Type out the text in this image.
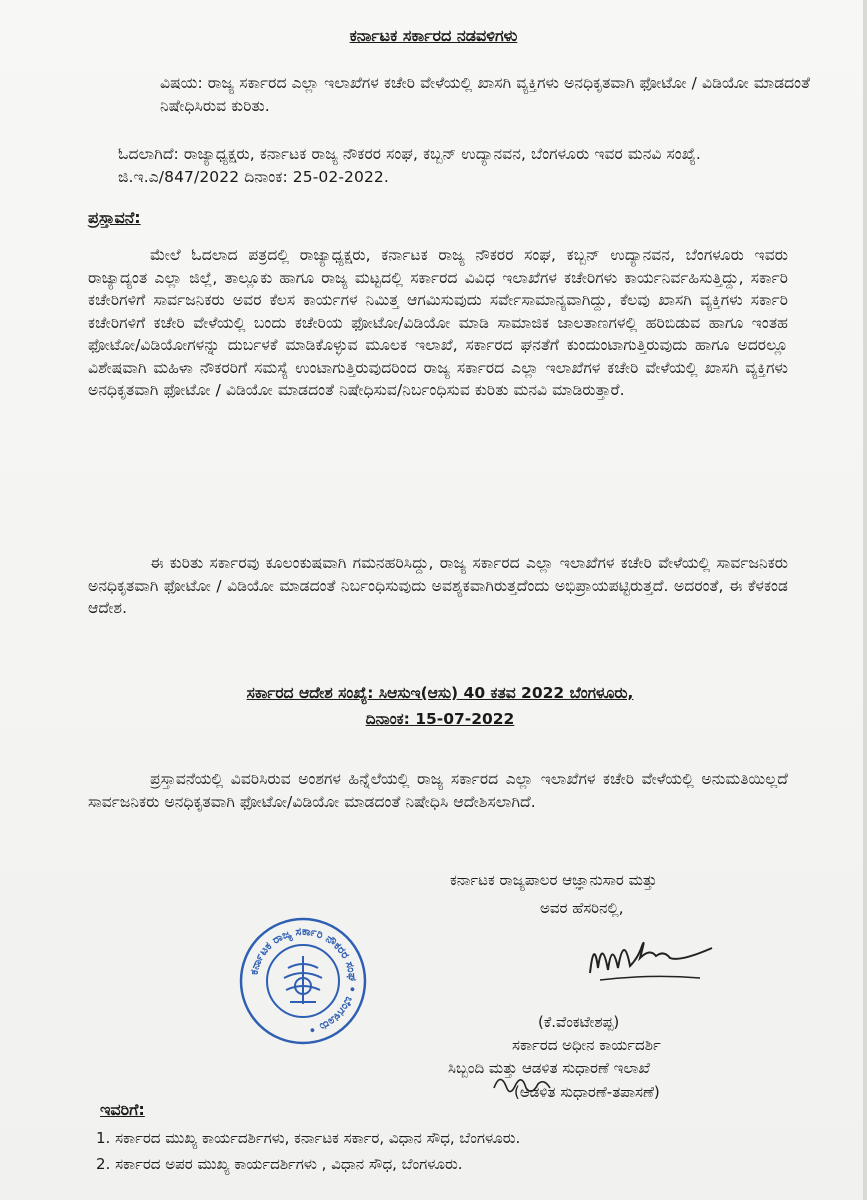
ಕರ್ನಾಟಕ ಸರ್ಕಾರದ ನಡವಳಿಗಳು
ವಿಷಯ: ರಾಜ್ಯ ಸರ್ಕಾರದ ಎಲ್ಲಾ ಇಲಾಖೆಗಳ ಕಚೇರಿ ವೇಳೆಯಲ್ಲಿ ಖಾಸಗಿ ವ್ಯಕ್ತಿಗಳು ಅನಧಿಕೃತವಾಗಿ ಫೋಟೋ / ವಿಡಿಯೋ ಮಾಡದಂತೆ ನಿಷೇಧಿಸಿರುವ ಕುರಿತು.
ಓದಲಾಗಿದೆ: ರಾಜ್ಯಾಧ್ಯಕ್ಷರು, ಕರ್ನಾಟಕ ರಾಜ್ಯ ನೌಕರರ ಸಂಘ, ಕಬ್ಬನ್ ಉದ್ಯಾನವನ, ಬೆಂಗಳೂರು ಇವರ ಮನವಿ ಸಂಖ್ಯೆ. ಜಿ.ಇ.ಎ/847/2022 ದಿನಾಂಕ: 25-02-2022.
ಪ್ರಸ್ತಾವನೆ:
ಮೇಲೆ ಓದಲಾದ ಪತ್ರದಲ್ಲಿ ರಾಜ್ಯಾಧ್ಯಕ್ಷರು, ಕರ್ನಾಟಕ ರಾಜ್ಯ ನೌಕರರ ಸಂಘ, ಕಬ್ಬನ್ ಉದ್ಯಾನವನ, ಬೆಂಗಳೂರು ಇವರು ರಾಜ್ಯಾದ್ಯಂತ ಎಲ್ಲಾ ಜಿಲ್ಲೆ, ತಾಲ್ಲೂಕು ಹಾಗೂ ರಾಜ್ಯ ಮಟ್ಟದಲ್ಲಿ ಸರ್ಕಾರದ ವಿವಿಧ ಇಲಾಖೆಗಳ ಕಚೇರಿಗಳು ಕಾರ್ಯನಿರ್ವಹಿಸುತ್ತಿದ್ದು, ಸರ್ಕಾರಿ ಕಚೇರಿಗಳಿಗೆ ಸಾರ್ವಜನಿಕರು ಅವರ ಕೆಲಸ ಕಾರ್ಯಗಳ ನಿಮಿತ್ತ ಆಗಮಿಸುವುದು ಸರ್ವೇಸಾಮಾನ್ಯವಾಗಿದ್ದು, ಕೆಲವು ಖಾಸಗಿ ವ್ಯಕ್ತಿಗಳು ಸರ್ಕಾರಿ ಕಚೇರಿಗಳಿಗೆ ಕಚೇರಿ ವೇಳೆಯಲ್ಲಿ ಬಂದು ಕಚೇರಿಯ ಫೋಟೋ/ವಿಡಿಯೋ ಮಾಡಿ ಸಾಮಾಜಿಕ ಜಾಲತಾಣಗಳಲ್ಲಿ ಹರಿಬಿಡುವ ಹಾಗೂ ಇಂತಹ ಫೋಟೋ/ವಿಡಿಯೋಗಳನ್ನು ದುರ್ಬಳಕೆ ಮಾಡಿಕೊಳ್ಳುವ ಮೂಲಕ ಇಲಾಖೆ, ಸರ್ಕಾರದ ಘನತೆಗೆ ಕುಂದುಂಟಾಗುತ್ತಿರುವುದು ಹಾಗೂ ಅದರಲ್ಲೂ ವಿಶೇಷವಾಗಿ ಮಹಿಳಾ ನೌಕರರಿಗೆ ಸಮಸ್ಯೆ ಉಂಟಾಗುತ್ತಿರುವುದರಿಂದ ರಾಜ್ಯ ಸರ್ಕಾರದ ಎಲ್ಲಾ ಇಲಾಖೆಗಳ ಕಚೇರಿ ವೇಳೆಯಲ್ಲಿ ಖಾಸಗಿ ವ್ಯಕ್ತಿಗಳು ಅನಧಿಕೃತವಾಗಿ ಫೋಟೋ / ವಿಡಿಯೋ ಮಾಡದಂತೆ ನಿಷೇಧಿಸುವ/ನಿರ್ಬಂಧಿಸುವ ಕುರಿತು ಮನವಿ ಮಾಡಿರುತ್ತಾರೆ.
ಈ ಕುರಿತು ಸರ್ಕಾರವು ಕೂಲಂಕುಷವಾಗಿ ಗಮನಹರಿಸಿದ್ದು, ರಾಜ್ಯ ಸರ್ಕಾರದ ಎಲ್ಲಾ ಇಲಾಖೆಗಳ ಕಚೇರಿ ವೇಳೆಯಲ್ಲಿ ಸಾರ್ವಜನಿಕರು ಅನಧಿಕೃತವಾಗಿ ಫೋಟೋ / ವಿಡಿಯೋ ಮಾಡದಂತೆ ನಿರ್ಬಂಧಿಸುವುದು ಅವಶ್ಯಕವಾಗಿರುತ್ತದೆಂದು ಅಭಿಪ್ರಾಯಪಟ್ಟಿರುತ್ತದೆ. ಅದರಂತೆ, ಈ ಕೆಳಕಂಡ ಆದೇಶ.
ಸರ್ಕಾರದ ಆದೇಶ ಸಂಖ್ಯೆ: ಸಿಆಸುಇ(ಆಸು) 40 ಕತವ 2022 ಬೆಂಗಳೂರು,
ದಿನಾಂಕ: 15-07-2022
ಪ್ರಸ್ತಾವನೆಯಲ್ಲಿ ವಿವರಿಸಿರುವ ಅಂಶಗಳ ಹಿನ್ನೆಲೆಯಲ್ಲಿ ರಾಜ್ಯ ಸರ್ಕಾರದ ಎಲ್ಲಾ ಇಲಾಖೆಗಳ ಕಚೇರಿ ವೇಳೆಯಲ್ಲಿ ಅನುಮತಿಯಿಲ್ಲದೆ ಸಾರ್ವಜನಿಕರು ಅನಧಿಕೃತವಾಗಿ ಫೋಟೋ/ವಿಡಿಯೋ ಮಾಡದಂತೆ ನಿಷೇಧಿಸಿ ಆದೇಶಿಸಲಾಗಿದೆ.
ಕರ್ನಾಟಕ ರಾಜ್ಯಪಾಲರ ಆಜ್ಞಾನುಸಾರ ಮತ್ತು
ಅವರ ಹೆಸರಿನಲ್ಲಿ,
ಕರ್ನಾಟಕ ರಾಜ್ಯ ಸರ್ಕಾರಿ ನೌಕರರ ಸಂಘ • ಬೆಂಗಳೂರು •	(ಕೆ.ವೆಂಕಟೇಶಪ್ಪ)
ಸರ್ಕಾರದ ಅಧೀನ ಕಾರ್ಯದರ್ಶಿ
ಸಿಬ್ಬಂದಿ ಮತ್ತು ಆಡಳಿತ ಸುಧಾರಣೆ ಇಲಾಖೆ
(ಆಡಳಿತ ಸುಧಾರಣೆ-ತಪಾಸಣೆ)
ಇವರಿಗೆ:
1. ಸರ್ಕಾರದ ಮುಖ್ಯ ಕಾರ್ಯದರ್ಶಿಗಳು, ಕರ್ನಾಟಕ ಸರ್ಕಾರ, ವಿಧಾನ ಸೌಧ, ಬೆಂಗಳೂರು.
2. ಸರ್ಕಾರದ ಅಪರ ಮುಖ್ಯ ಕಾರ್ಯದರ್ಶಿಗಳು , ವಿಧಾನ ಸೌಧ, ಬೆಂಗಳೂರು.
